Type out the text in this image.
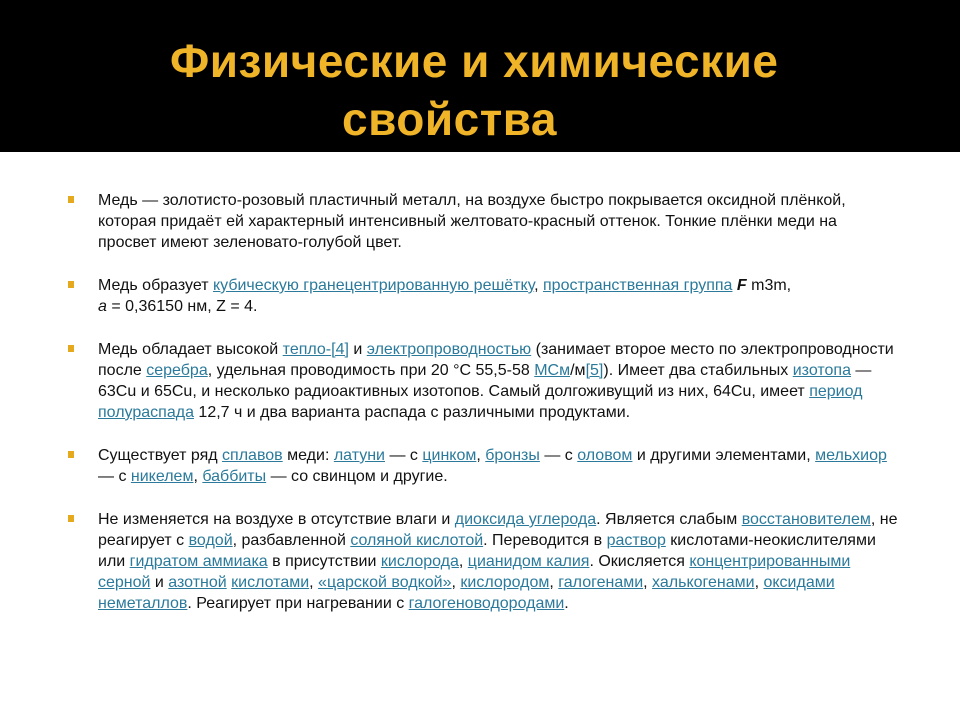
Физические и химические
свойства
Медь — золотисто-розовый пластичный металл, на воздухе быстро покрывается оксидной плёнкой, которая придаёт ей характерный интенсивный желтовато-красный оттенок. Тонкие плёнки меди на просвет имеют зеленовато-голубой цвет.
Медь образует кубическую гранецентрированную решётку, пространственная группа F m3m,
a = 0,36150 нм, Z = 4.
Медь обладает высокой тепло-[4] и электропроводностью (занимает второе место по электропроводности после серебра, удельная проводимость при 20 °C 55,5-58 МСм/м[5]). Имеет два стабильных изотопа — 63Cu и 65Cu, и несколько радиоактивных изотопов. Самый долгоживущий из них, 64Cu, имеет период полураспада 12,7 ч и два варианта распада с различными продуктами.
Существует ряд сплавов меди: латуни — с цинком, бронзы — с оловом и другими элементами, мельхиор — с никелем, баббиты — со свинцом и другие.
Не изменяется на воздухе в отсутствие влаги и диоксида углерода. Является слабым восстановителем, не реагирует с водой, разбавленной соляной кислотой. Переводится в раствор кислотами-неокислителями или гидратом аммиака в присутствии кислорода, цианидом калия. Окисляется концентрированными серной и азотной кислотами, «царской водкой», кислородом, галогенами, халькогенами, оксидами неметаллов. Реагирует при нагревании с галогеноводородами.
